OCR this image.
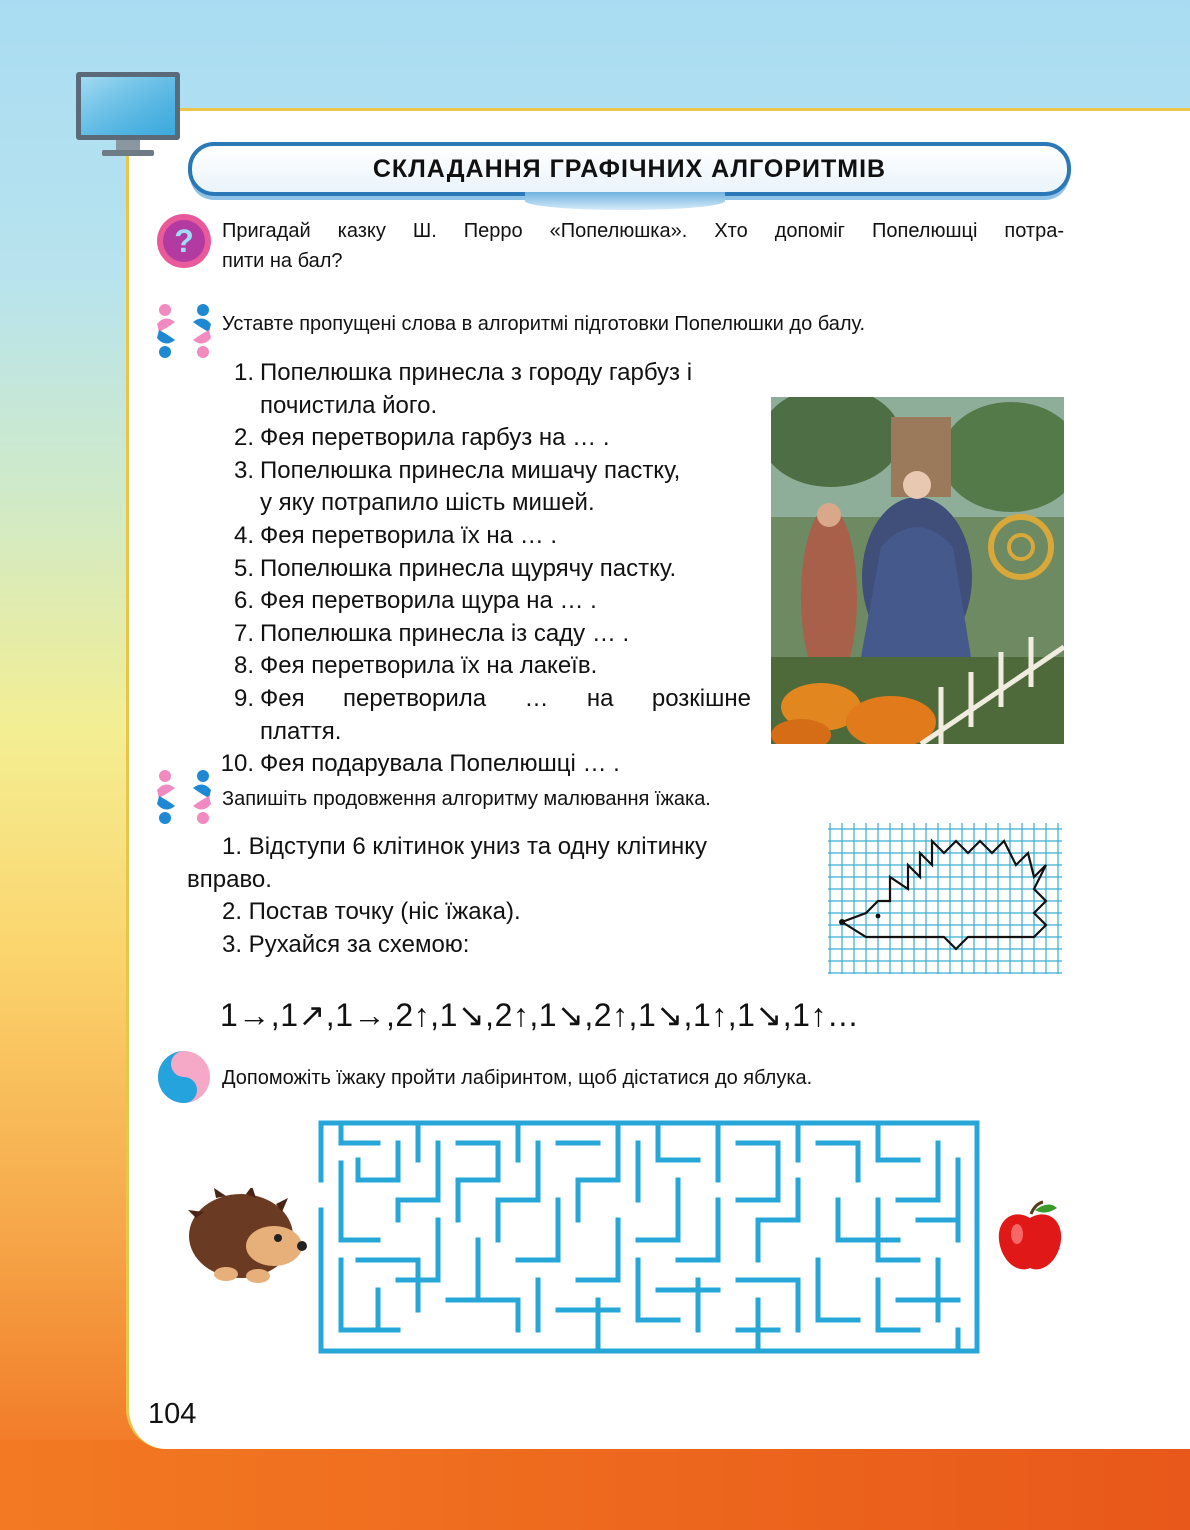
СКЛАДАННЯ ГРАФІЧНИХ АЛГОРИТМІВ
? Пригадай казку Ш. Перро «Попелюшка». Хто допоміг Попелюшці потра-
пити на бал?
Уставте пропущені слова в алгоритмі підготовки Попелюшки до балу.
1. Попелюшка принесла з городу гарбуз і почистила його.
2. Фея перетворила гарбуз на … .
3. Попелюшка принесла мишачу пастку,
у яку потрапило шість мишей.
4. Фея перетворила їх на … .
5. Попелюшка принесла щурячу пастку.
6. Фея перетворила щура на … .
7. Попелюшка принесла із саду … .
8. Фея перетворила їх на лакеїв.
9. Фея перетворила … на розкішне
плаття.
10. Фея подарувала Попелюшці … .
Запишіть продовження алгоритму малювання їжака.
1. Відступи 6 клітинок униз та одну клітинку
вправо.
2. Постав точку (ніс їжака).
3. Рухайся за схемою:
1→,1↗,1→,2↑,1↘,2↑,1↘,2↑,1↘,1↑,1↘,1↑…
Допоможіть їжаку пройти лабіринтом, щоб дістатися до яблука.
104
